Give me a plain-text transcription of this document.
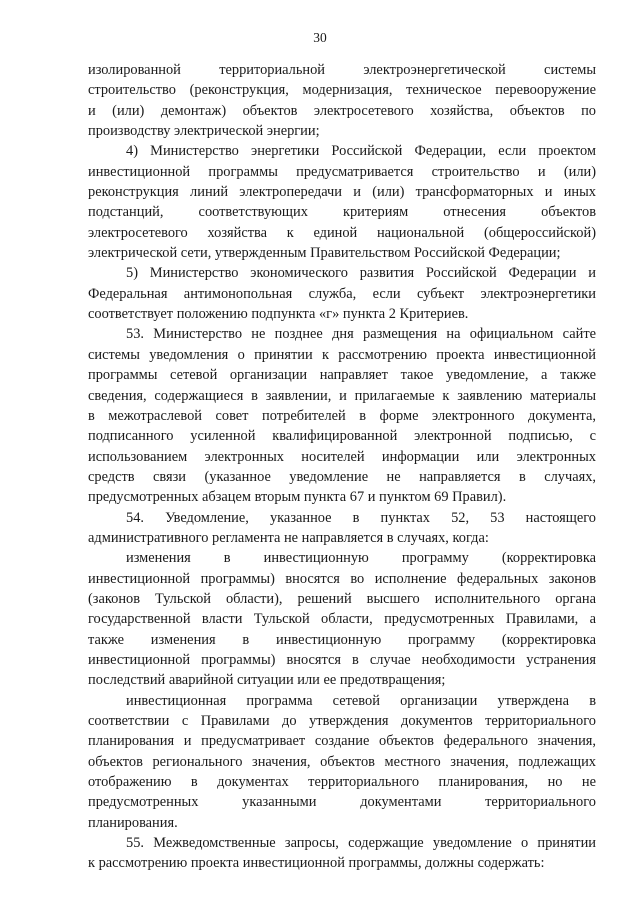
30

изолированной территориальной электроэнергетической системы
строительство (реконструкция, модернизация, техническое перевооружение
и (или) демонтаж) объектов электросетевого хозяйства, объектов по
производству электрической энергии;

4) Министерство энергетики Российской Федерации, если проектом
инвестиционной программы предусматривается строительство и (или)
реконструкция линий электропередачи и (или) трансформаторных и иных
подстанций, соответствующих критериям отнесения объектов
электросетевого хозяйства к единой национальной (общероссийской)
электрической сети, утвержденным Правительством Российской Федерации;

5) Министерство экономического развития Российской Федерации и
Федеральная антимонопольная служба, если субъект электроэнергетики
соответствует положению подпункта «г» пункта 2 Критериев.

53. Министерство не позднее дня размещения на официальном сайте
системы уведомления о принятии к рассмотрению проекта инвестиционной
программы сетевой организации направляет такое уведомление, а также
сведения, содержащиеся в заявлении, и прилагаемые к заявлению материалы
в межотраслевой совет потребителей в форме электронного документа,
подписанного усиленной квалифицированной электронной подписью, с
использованием электронных носителей информации или электронных
средств связи (указанное уведомление не направляется в случаях,
предусмотренных абзацем вторым пункта 67 и пунктом 69 Правил).

54. Уведомление, указанное в пунктах 52, 53 настоящего
административного регламента не направляется в случаях, когда:

изменения в инвестиционную программу (корректировка
инвестиционной программы) вносятся во исполнение федеральных законов
(законов Тульской области), решений высшего исполнительного органа
государственной власти Тульской области, предусмотренных Правилами, а
также изменения в инвестиционную программу (корректировка
инвестиционной программы) вносятся в случае необходимости устранения
последствий аварийной ситуации или ее предотвращения;

инвестиционная программа сетевой организации утверждена в
соответствии с Правилами до утверждения документов территориального
планирования и предусматривает создание объектов федерального значения,
объектов регионального значения, объектов местного значения, подлежащих
отображению в документах территориального планирования, но не
предусмотренных указанными документами территориального
планирования.

55. Межведомственные запросы, содержащие уведомление о принятии
к рассмотрению проекта инвестиционной программы, должны содержать:
